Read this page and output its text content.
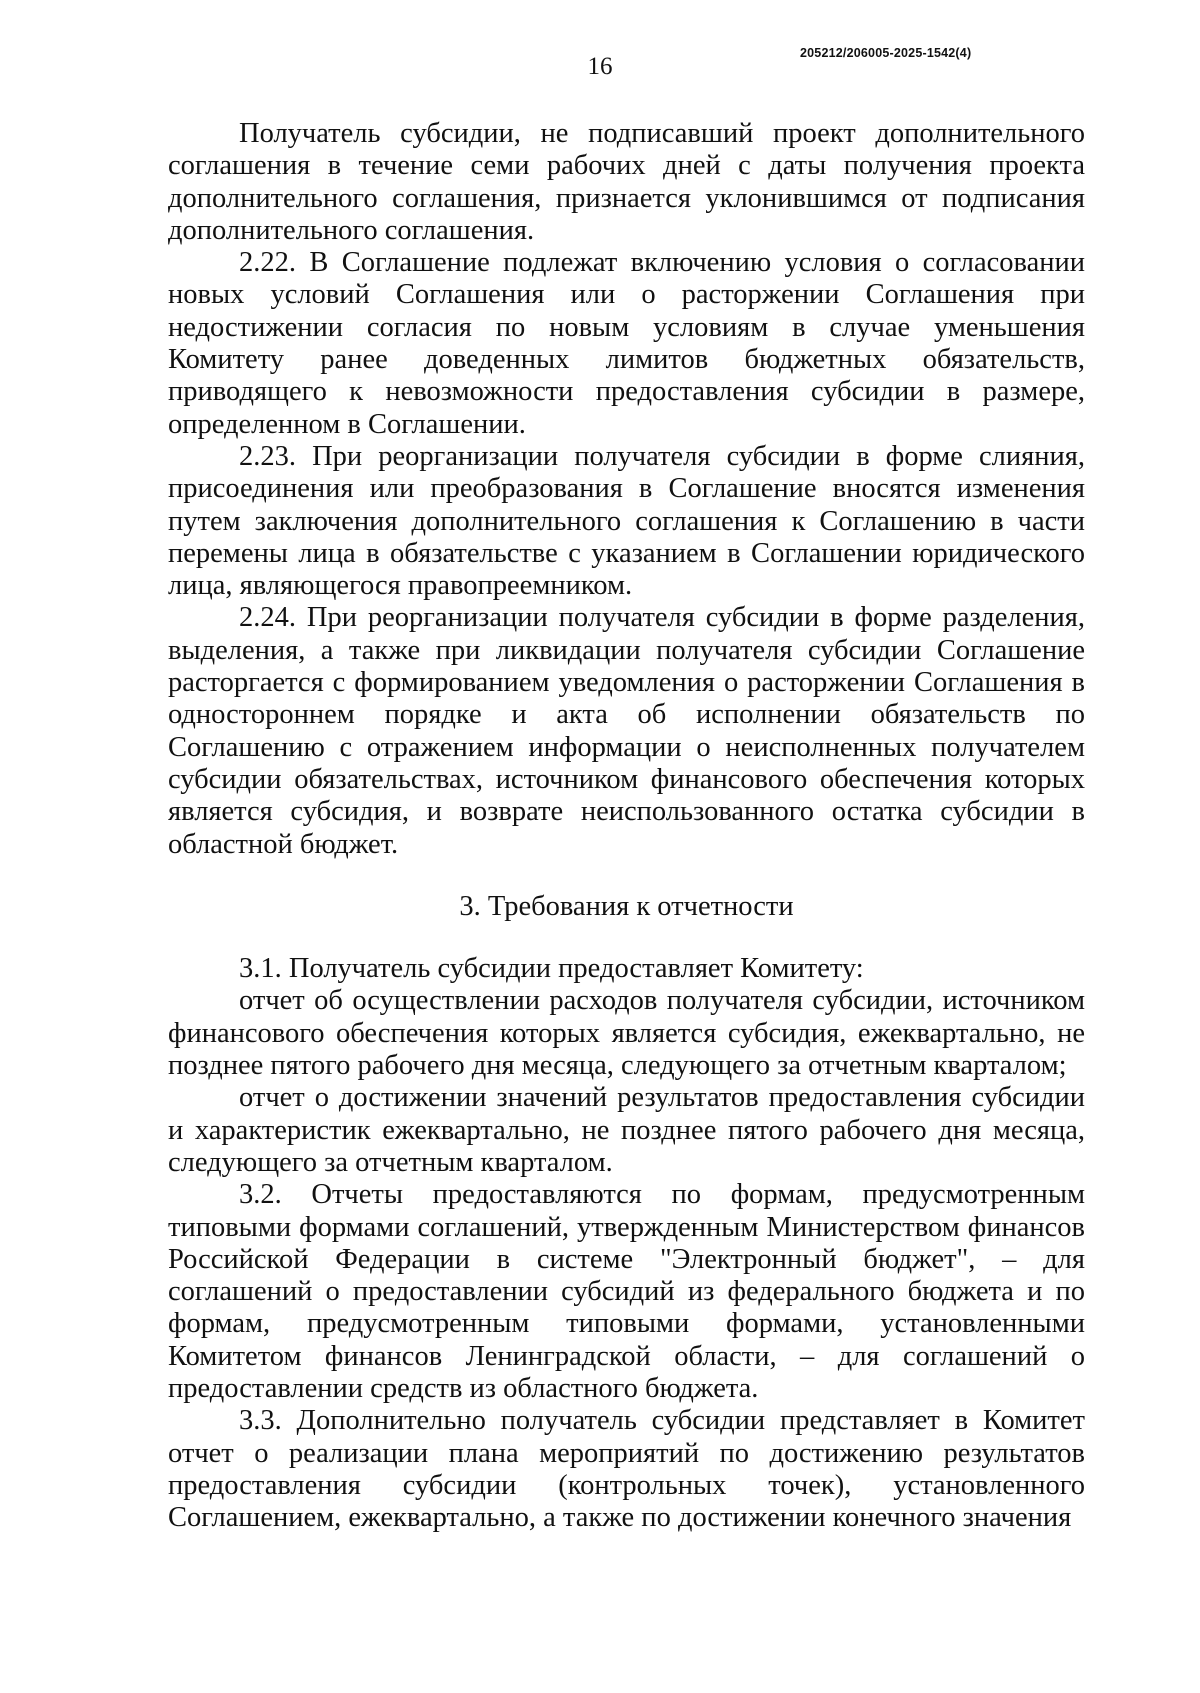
16	205212/206005-2025-1542(4)

Получатель субсидии, не подписавший проект дополнительного соглашения в течение семи рабочих дней с даты получения проекта дополнительного соглашения, признается уклонившимся от подписания дополнительного соглашения.

2.22. В Соглашение подлежат включению условия о согласовании новых условий Соглашения или о расторжении Соглашения при недостижении согласия по новым условиям в случае уменьшения Комитету ранее доведенных лимитов бюджетных обязательств, приводящего к невозможности предоставления субсидии в размере, определенном в Соглашении.

2.23. При реорганизации получателя субсидии в форме слияния, присоединения или преобразования в Соглашение вносятся изменения путем заключения дополнительного соглашения к Соглашению в части перемены лица в обязательстве с указанием в Соглашении юридического лица, являющегося правопреемником.

2.24. При реорганизации получателя субсидии в форме разделения, выделения, а также при ликвидации получателя субсидии Соглашение расторгается с формированием уведомления о расторжении Соглашения в одностороннем порядке и акта об исполнении обязательств по Соглашению с отражением информации о неисполненных получателем субсидии обязательствах, источником финансового обеспечения которых является субсидия, и возврате неиспользованного остатка субсидии в областной бюджет.

3. Требования к отчетности

3.1. Получатель субсидии предоставляет Комитету:

отчет об осуществлении расходов получателя субсидии, источником финансового обеспечения которых является субсидия, ежеквартально, не позднее пятого рабочего дня месяца, следующего за отчетным кварталом;

отчет о достижении значений результатов предоставления субсидии и характеристик ежеквартально, не позднее пятого рабочего дня месяца, следующего за отчетным кварталом.

3.2. Отчеты предоставляются по формам, предусмотренным типовыми формами соглашений, утвержденным Министерством финансов Российской Федерации в системе "Электронный бюджет", – для соглашений о предоставлении субсидий из федерального бюджета и по формам, предусмотренным типовыми формами, установленными Комитетом финансов Ленинградской области, – для соглашений о предоставлении средств из областного бюджета.

3.3. Дополнительно получатель субсидии представляет в Комитет отчет о реализации плана мероприятий по достижению результатов предоставления субсидии (контрольных точек), установленного Соглашением, ежеквартально, а также по достижении конечного значения
